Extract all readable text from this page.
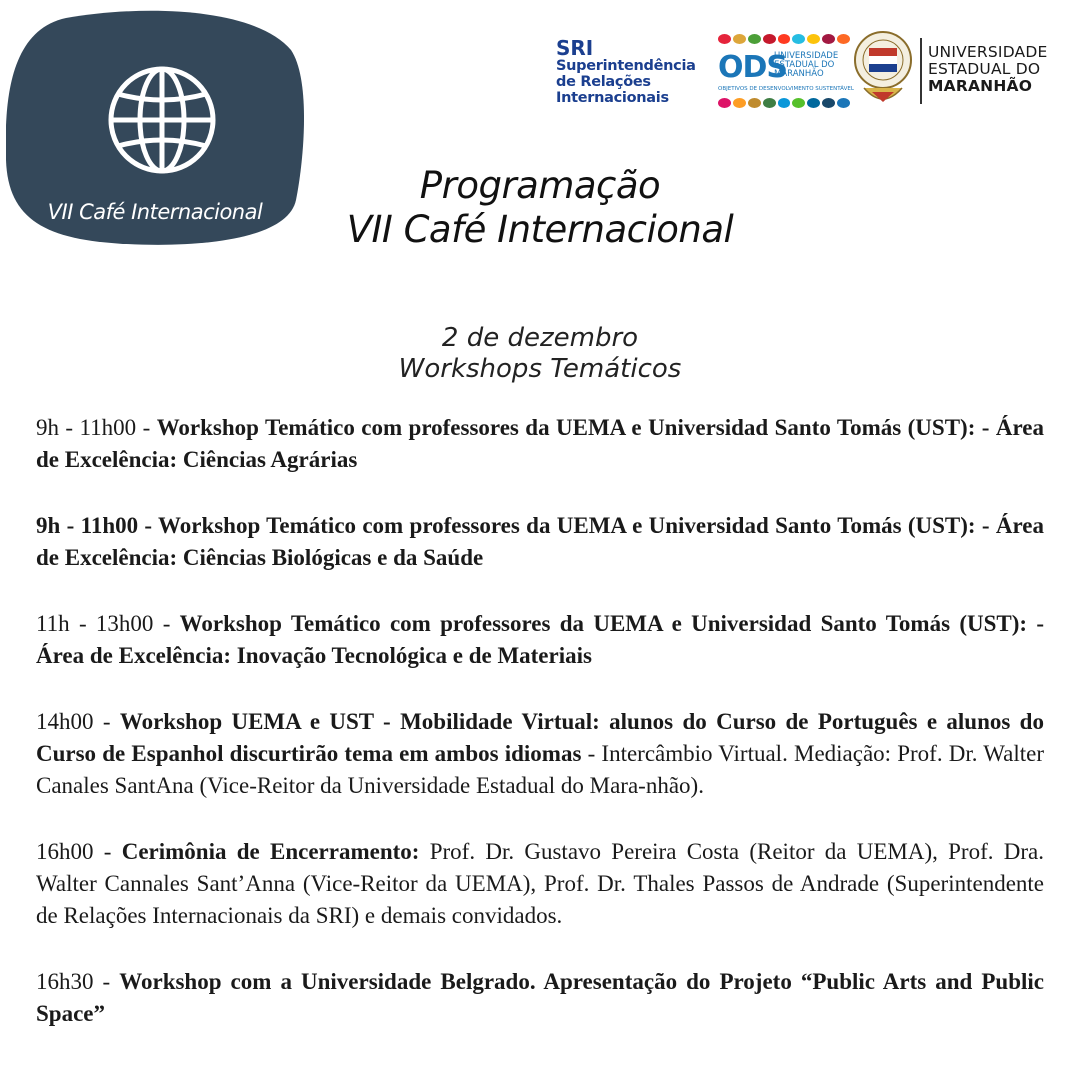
VII Café Internacional
SRI
Superintendência
de Relações
Internacionais
ODS
UNIVERSIDADE
ESTADUAL DO
MARANHÃO
OBJETIVOS DE DESENVOLVIMENTO SUSTENTÁVEL
UNIVERSIDADE
ESTADUAL DO
MARANHÃO
Programação
VII Café Internacional
2 de dezembro
Workshops Temáticos

9h - 11h00 - Workshop Temático com professores da UEMA e Universidad Santo Tomás (UST): - Área de Excelência: Ciências Agrárias

9h - 11h00 - Workshop Temático com professores da UEMA e Universidad Santo Tomás (UST): - Área de Excelência: Ciências Biológicas e da Saúde

11h - 13h00 - Workshop Temático com professores da UEMA e Universidad Santo Tomás (UST): - Área de Excelência: Inovação Tecnológica e de Materiais

14h00 - Workshop UEMA e UST - Mobilidade Virtual: alunos do Curso de Português e alunos do Curso de Espanhol discurtirão tema em ambos idiomas - Intercâmbio Virtual. Mediação: Prof. Dr. Walter Canales SantAna (Vice-Reitor da Universidade Estadual do Mara-nhão).

16h00 - Cerimônia de Encerramento: Prof. Dr. Gustavo Pereira Costa (Reitor da UEMA), Prof. Dra. Walter Cannales Sant’Anna (Vice-Reitor da UEMA), Prof. Dr. Thales Passos de Andrade (Superintendente de Relações Internacionais da SRI) e demais convidados.

16h30 - Workshop com a Universidade Belgrado. Apresentação do Projeto “Public Arts and Public Space”
